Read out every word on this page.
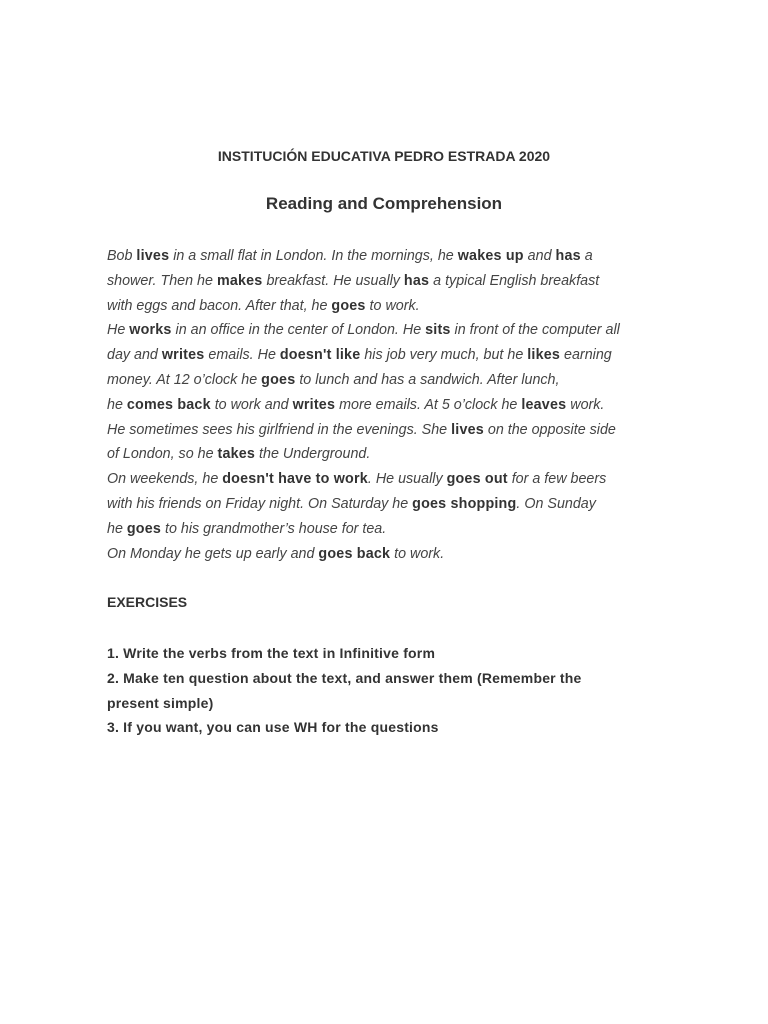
INSTITUCIÓN EDUCATIVA PEDRO ESTRADA 2020
Reading and Comprehension
Bob lives in a small flat in London. In the mornings, he wakes up and has a
shower. Then he makes breakfast. He usually has a typical English breakfast
with eggs and bacon. After that, he goes to work.
He works in an office in the center of London. He sits in front of the computer all
day and writes emails. He doesn't like his job very much, but he likes earning
money. At 12 o’clock he goes to lunch and has a sandwich. After lunch,
he comes back to work and writes more emails. At 5 o’clock he leaves work.
He sometimes sees his girlfriend in the evenings. She lives on the opposite side
of London, so he takes the Underground.
On weekends, he doesn't have to work. He usually goes out for a few beers
with his friends on Friday night. On Saturday he goes shopping. On Sunday
he goes to his grandmother’s house for tea.
On Monday he gets up early and goes back to work.
EXERCISES
1. Write the verbs from the text in Infinitive form
2. Make ten question about the text, and answer them (Remember the
present simple)
3. If you want, you can use WH for the questions
